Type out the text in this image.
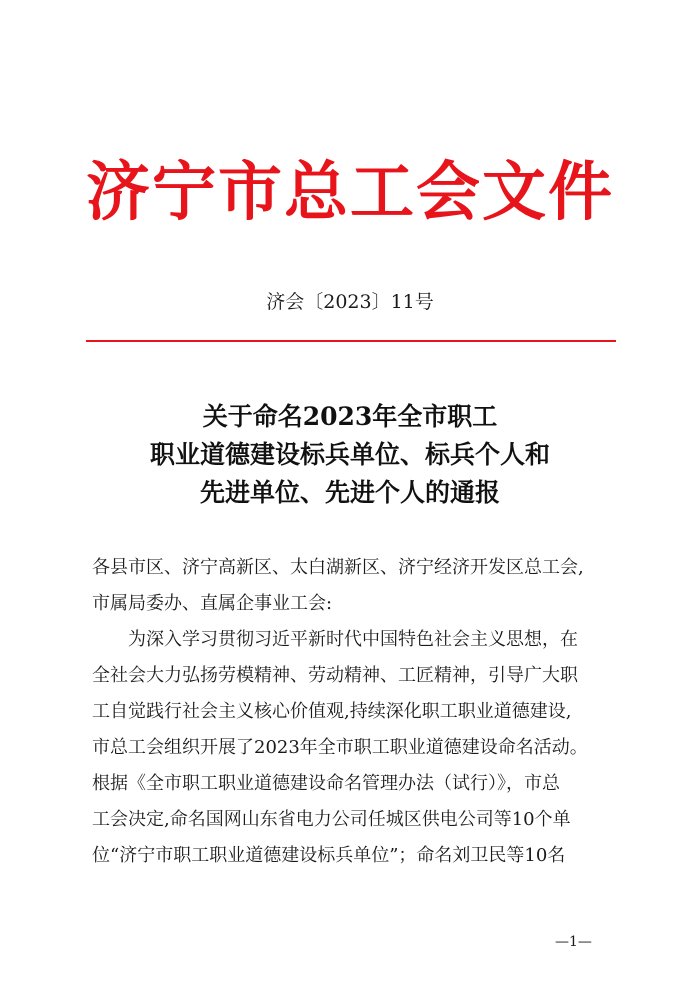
济宁市总工会文件
济会〔2023〕11号
关于命名2023年全市职工
职业道德建设标兵单位、标兵个人和
先进单位、先进个人的通报
各县市区、济宁高新区、太白湖新区、济宁经济开发区总工会,
市属局委办、直属企事业工会:
为深入学习贯彻习近平新时代中国特色社会主义思想，在
全社会大力弘扬劳模精神、劳动精神、工匠精神，引导广大职
工自觉践行社会主义核心价值观,持续深化职工职业道德建设,
市总工会组织开展了2023年全市职工职业道德建设命名活动。
根据《全市职工职业道德建设命名管理办法（试行）》，市总
工会决定,命名国网山东省电力公司任城区供电公司等10个单
位“济宁市职工职业道德建设标兵单位”；命名刘卫民等10名
—1—
